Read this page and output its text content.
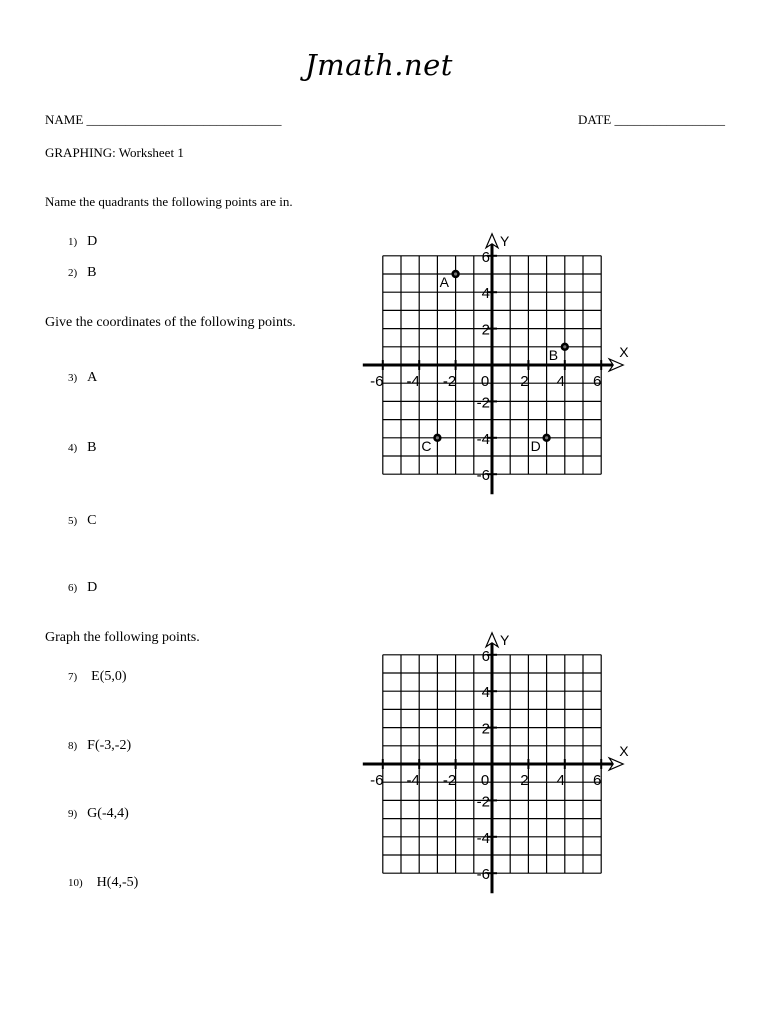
Jmath.net
NAME ______________________________	DATE _________________
GRAPHING: Worksheet 1
Name the quadrants the following points are in.
1) D
2) B
Give the coordinates of the following points.
3) A
4) B
5) C
6) D
Graph the following points.
7) E(5,0)
8) F(-3,-2)
9) G(-4,4)
10) H(4,-5)
X
Y
-6 -4 -2 0 2 4 6
6
4
2
-2
-4
-6
A
B
C	D
X
Y
-6 -4 -2 0 2 4 6
6
4
2
-2
-4
-6
